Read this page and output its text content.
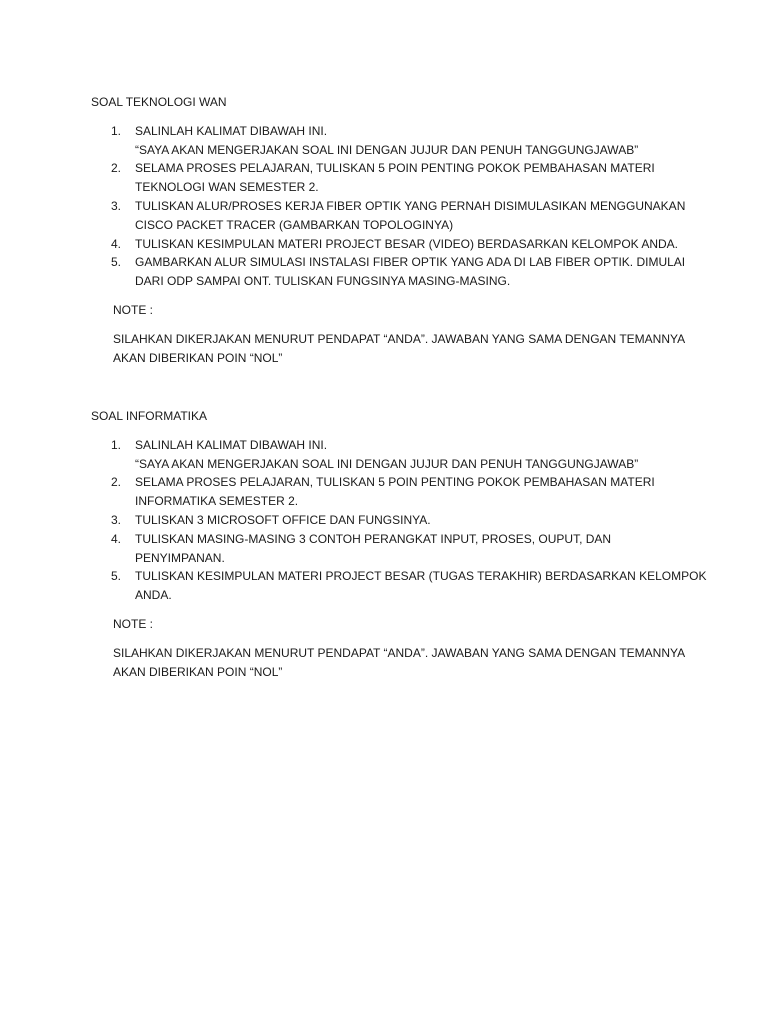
SOAL TEKNOLOGI WAN
1. SALINLAH KALIMAT DIBAWAH INI.
“SAYA AKAN MENGERJAKAN SOAL INI DENGAN JUJUR DAN PENUH TANGGUNGJAWAB”
2. SELAMA PROSES PELAJARAN, TULISKAN 5 POIN PENTING POKOK PEMBAHASAN MATERI
TEKNOLOGI WAN SEMESTER 2.
3. TULISKAN ALUR/PROSES KERJA FIBER OPTIK YANG PERNAH DISIMULASIKAN MENGGUNAKAN
CISCO PACKET TRACER (GAMBARKAN TOPOLOGINYA)
4. TULISKAN KESIMPULAN MATERI PROJECT BESAR (VIDEO) BERDASARKAN KELOMPOK ANDA.
5. GAMBARKAN ALUR SIMULASI INSTALASI FIBER OPTIK YANG ADA DI LAB FIBER OPTIK. DIMULAI
DARI ODP SAMPAI ONT. TULISKAN FUNGSINYA MASING-MASING.
NOTE :
SILAHKAN DIKERJAKAN MENURUT PENDAPAT “ANDA”. JAWABAN YANG SAMA DENGAN TEMANNYA
AKAN DIBERIKAN POIN “NOL”
SOAL INFORMATIKA
1. SALINLAH KALIMAT DIBAWAH INI.
“SAYA AKAN MENGERJAKAN SOAL INI DENGAN JUJUR DAN PENUH TANGGUNGJAWAB”
2. SELAMA PROSES PELAJARAN, TULISKAN 5 POIN PENTING POKOK PEMBAHASAN MATERI
INFORMATIKA SEMESTER 2.
3. TULISKAN 3 MICROSOFT OFFICE DAN FUNGSINYA.
4. TULISKAN MASING-MASING 3 CONTOH PERANGKAT INPUT, PROSES, OUPUT, DAN
PENYIMPANAN.
5. TULISKAN KESIMPULAN MATERI PROJECT BESAR (TUGAS TERAKHIR) BERDASARKAN KELOMPOK
ANDA.
NOTE :
SILAHKAN DIKERJAKAN MENURUT PENDAPAT “ANDA”. JAWABAN YANG SAMA DENGAN TEMANNYA
AKAN DIBERIKAN POIN “NOL”
